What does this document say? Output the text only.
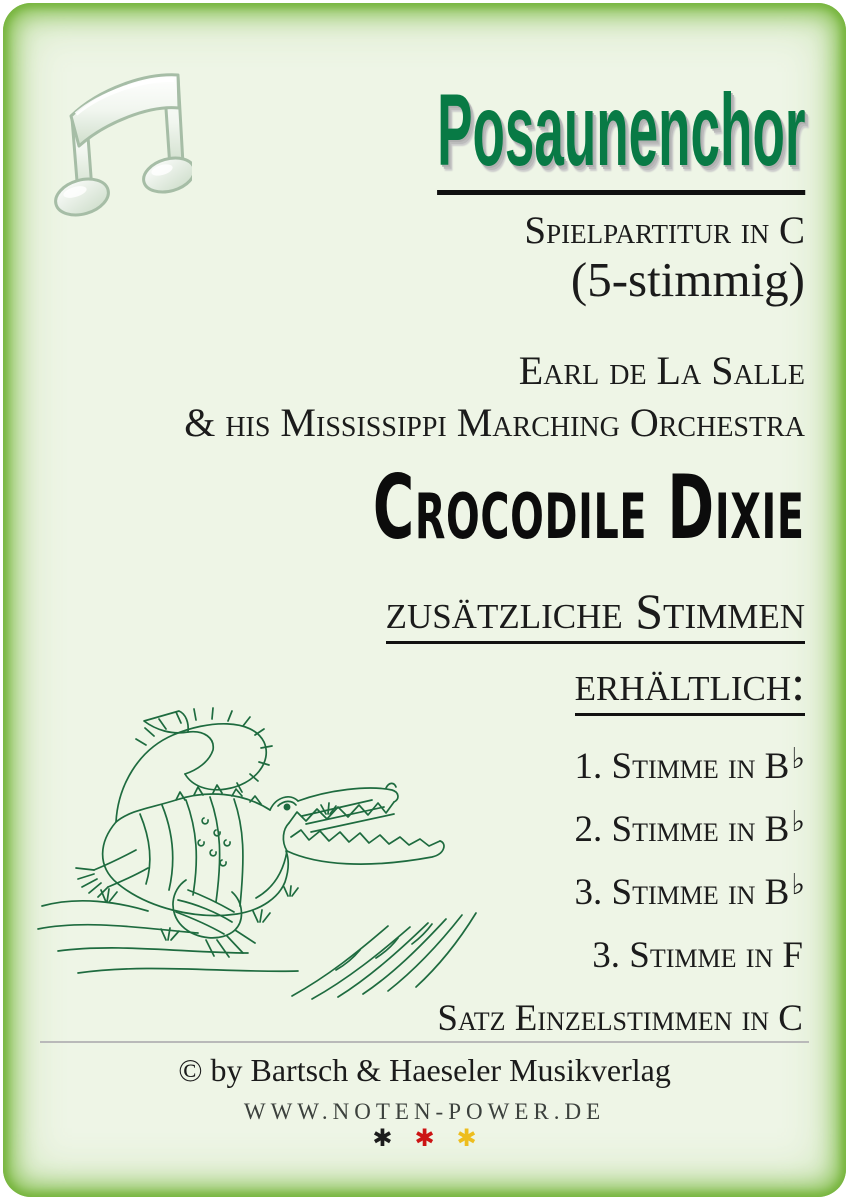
Posaunenchor
Spielpartitur in C
(5-stimmig)
Earl de La Salle
& his Mississippi Marching Orchestra
Crocodile Dixie
zusätzliche Stimmen
erhältlich:
1. Stimme in B♭
2. Stimme in B♭
3. Stimme in B♭
3. Stimme in F
Satz Einzelstimmen in C
© by Bartsch & Haeseler Musikverlag
WWW.NOTEN-POWER.DE
✱ ✱ ✱
